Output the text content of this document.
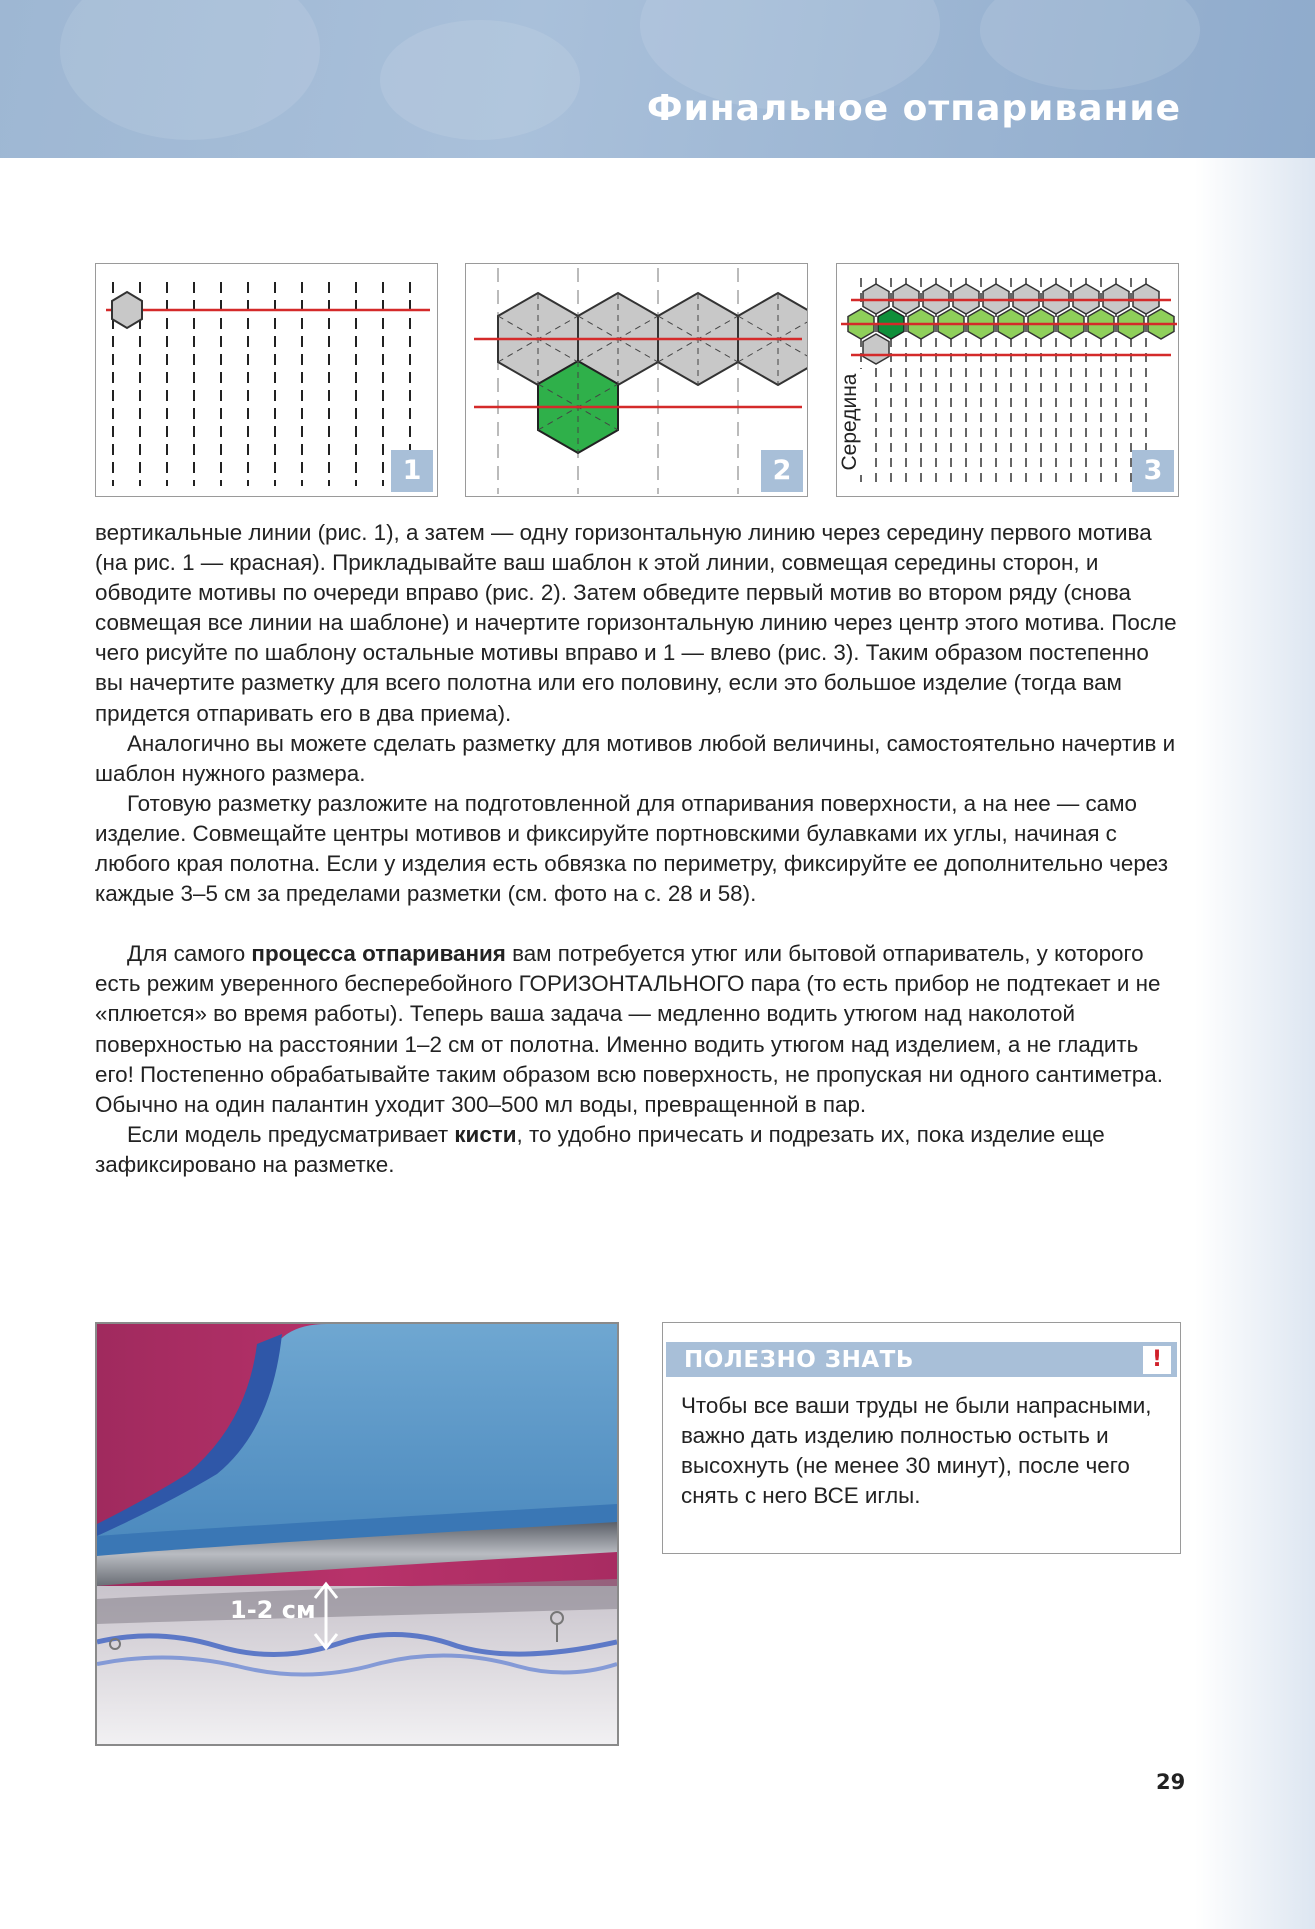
Финальное отпаривание
1	2	Середина	3

вертикальные линии (рис. 1), а затем — одну горизонтальную линию через середину первого мотива (на рис. 1 — красная). Прикладывайте ваш шаблон к этой линии, совмещая середины сторон, и обводите мотивы по очереди вправо (рис. 2). Затем обведите первый мотив во втором ряду (снова совмещая все линии на шаблоне) и начертите горизонтальную линию через центр этого мотива. После чего рисуйте по шаблону остальные мотивы вправо и 1 — влево (рис. 3). Таким образом постепенно вы начертите разметку для всего полотна или его половину, если это большое изделие (тогда вам придется отпаривать его в два приема).

Аналогично вы можете сделать разметку для мотивов любой величины, самостоятельно начертив и шаблон нужного размера.

Готовую разметку разложите на подготовленной для отпаривания поверхности, а на нее — само изделие. Совмещайте центры мотивов и фиксируйте портновскими булавками их углы, начиная с любого края полотна. Если у изделия есть обвязка по периметру, фиксируйте ее дополнительно через каждые 3–5 см за пределами разметки (см. фото на с. 28 и 58).

Для самого процесса отпаривания вам потребуется утюг или бытовой отпариватель, у которого есть режим уверенного бесперебойного ГОРИЗОНТАЛЬНОГО пара (то есть прибор не подтекает и не «плюется» во время работы). Теперь ваша задача — медленно водить утюгом над наколотой поверхностью на расстоянии 1–2 см от полотна. Именно водить утюгом над изделием, а не гладить его! Постепенно обрабатывайте таким образом всю поверхность, не пропуская ни одного сантиметра. Обычно на один палантин уходит 300–500 мл воды, превращенной в пар.

Если модель предусматривает кисти, то удобно причесать и подрезать их, пока изделие еще зафиксировано на разметке.

1-2 см
ПОЛЕЗНО ЗНАТЬ	!
Чтобы все ваши труды не были напрасными, важно дать изделию полностью остыть и высохнуть (не менее 30 минут), после чего снять с него ВСЕ иглы.
29
